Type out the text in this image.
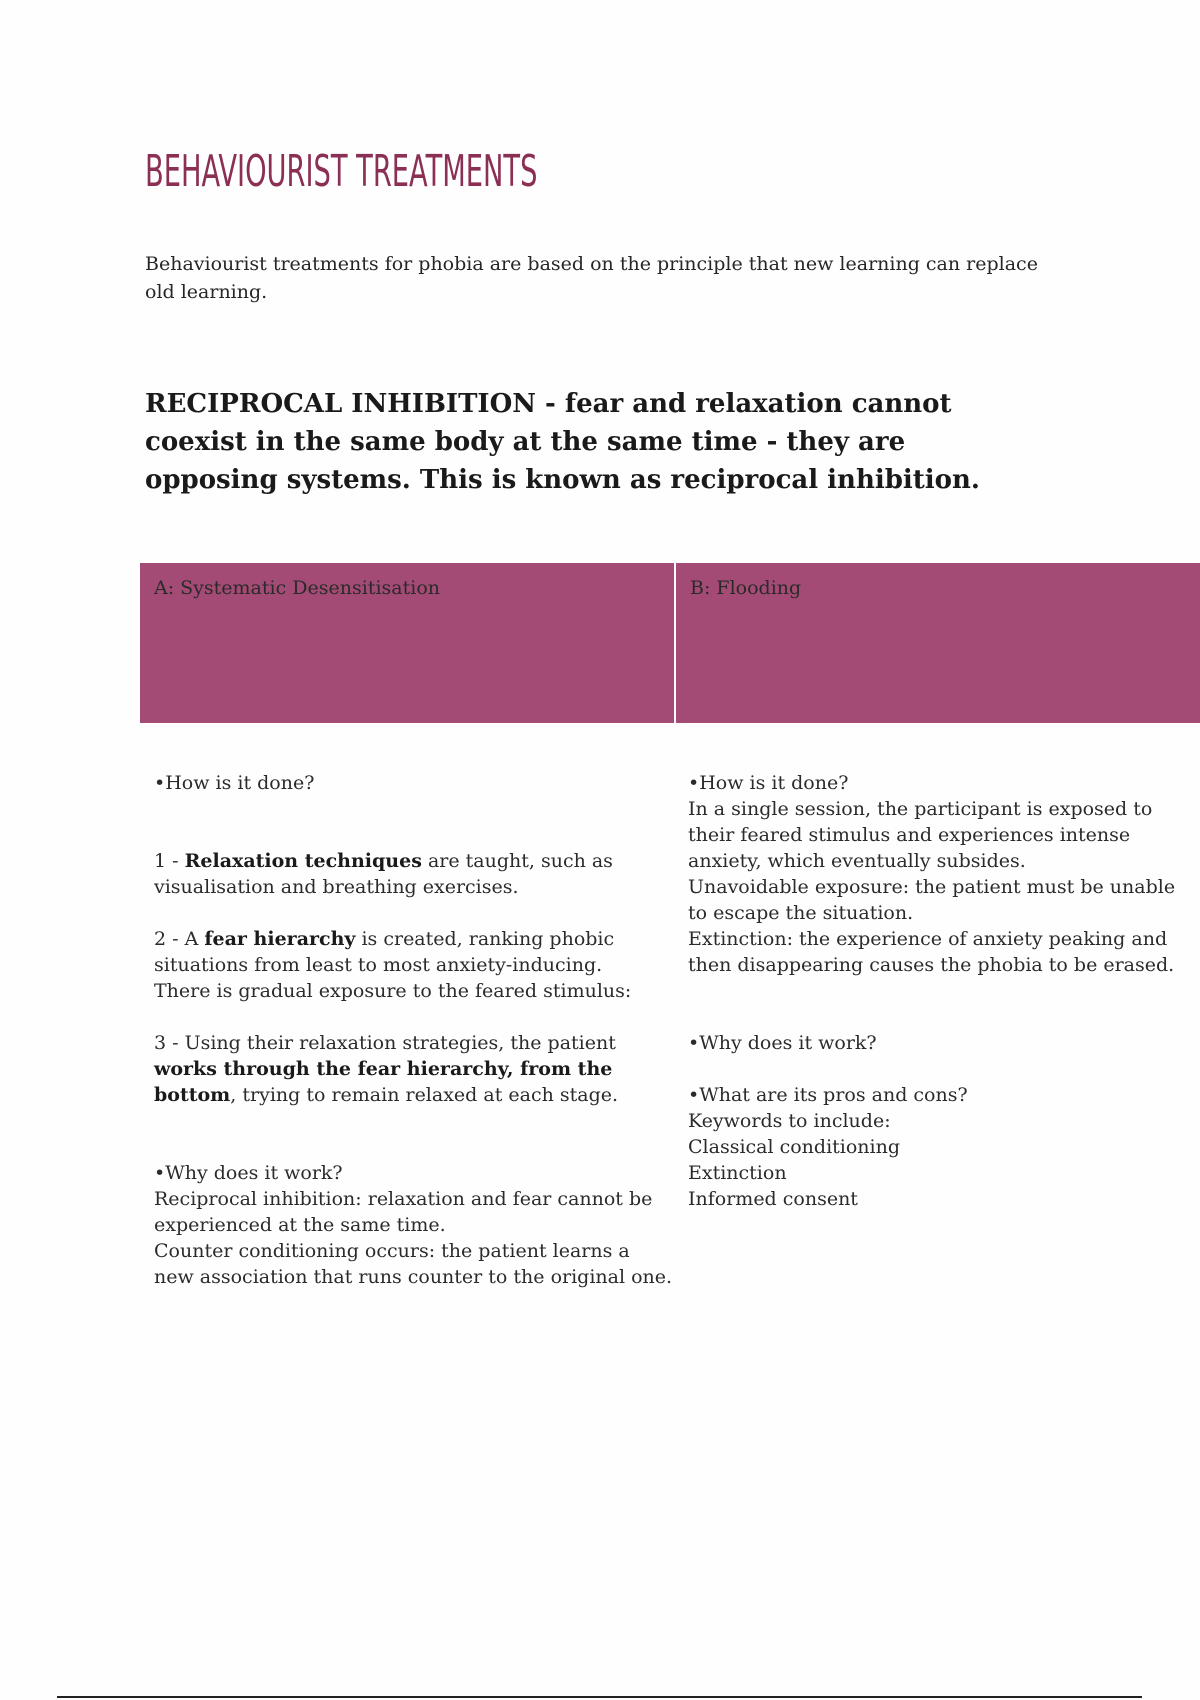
BEHAVIOURIST TREATMENTS

Behaviourist treatments for phobia are based on the principle that new learning can replace old learning.

RECIPROCAL INHIBITION - fear and relaxation cannot coexist in the same body at the same time - they are opposing systems. This is known as reciprocal inhibition.

A: Systematic Desensitisation	B: Flooding

•How is it done?

1 - Relaxation techniques are taught, such as visualisation and breathing exercises.

2 - A fear hierarchy is created, ranking phobic situations from least to most anxiety-inducing.

There is gradual exposure to the feared stimulus:

3 - Using their relaxation strategies, the patient works through the fear hierarchy, from the bottom, trying to remain relaxed at each stage.

•Why does it work?

Reciprocal inhibition: relaxation and fear cannot be experienced at the same time.

Counter conditioning occurs: the patient learns a new association that runs counter to the original one.

•How is it done?

In a single session, the participant is exposed to their feared stimulus and experiences intense anxiety, which eventually subsides.

Unavoidable exposure: the patient must be unable to escape the situation.

Extinction: the experience of anxiety peaking and then disappearing causes the phobia to be erased.

•Why does it work?

•What are its pros and cons?

Keywords to include:

Classical conditioning

Extinction

Informed consent
